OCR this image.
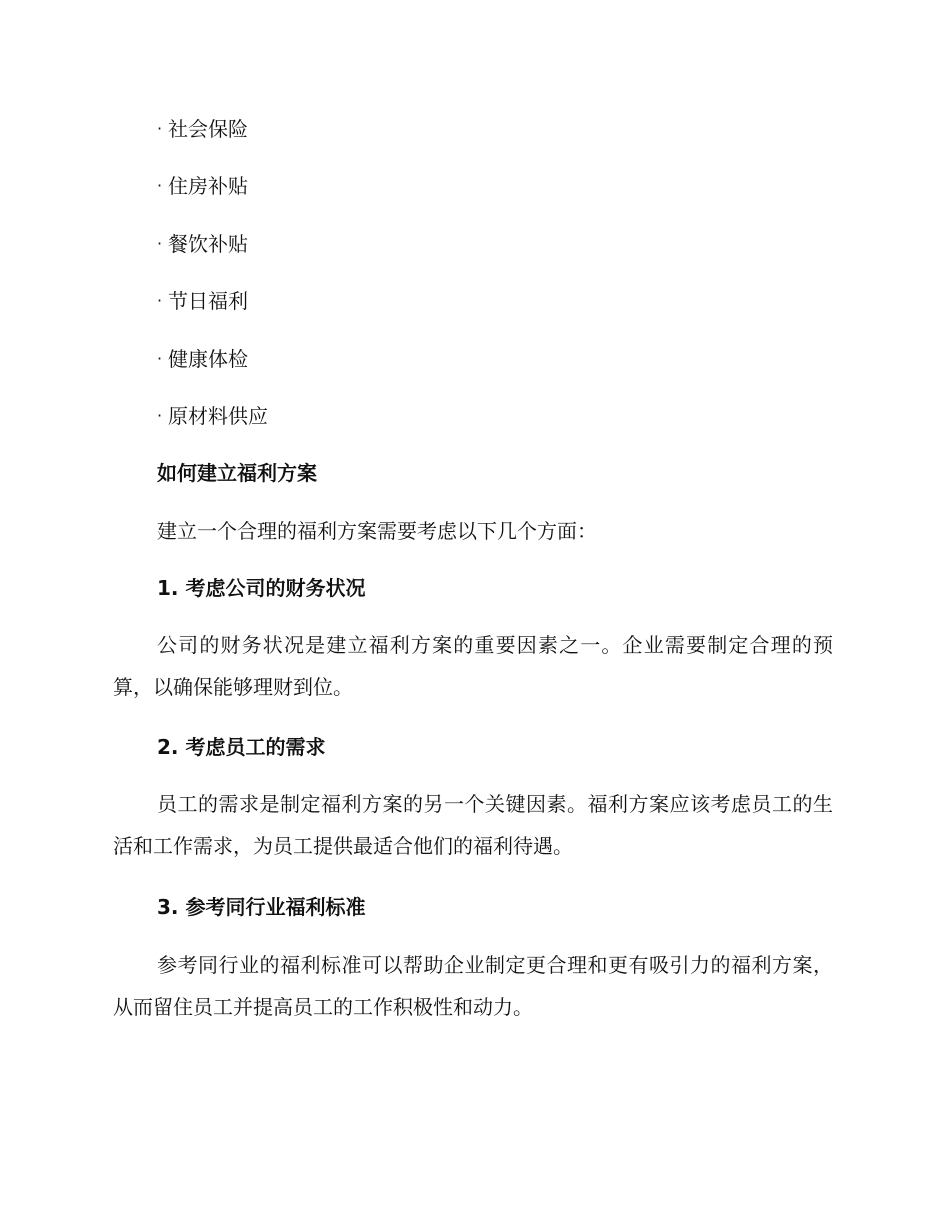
· 社会保险
· 住房补贴
· 餐饮补贴
· 节日福利
· 健康体检
· 原材料供应
如何建立福利方案

建立一个合理的福利方案需要考虑以下几个方面：

1. 考虑公司的财务状况

公司的财务状况是建立福利方案的重要因素之一。企业需要制定合理的预算，以确保能够理财到位。

2. 考虑员工的需求

员工的需求是制定福利方案的另一个关键因素。福利方案应该考虑员工的生活和工作需求，为员工提供最适合他们的福利待遇。

3. 参考同行业福利标准

参考同行业的福利标准可以帮助企业制定更合理和更有吸引力的福利方案，从而留住员工并提高员工的工作积极性和动力。
